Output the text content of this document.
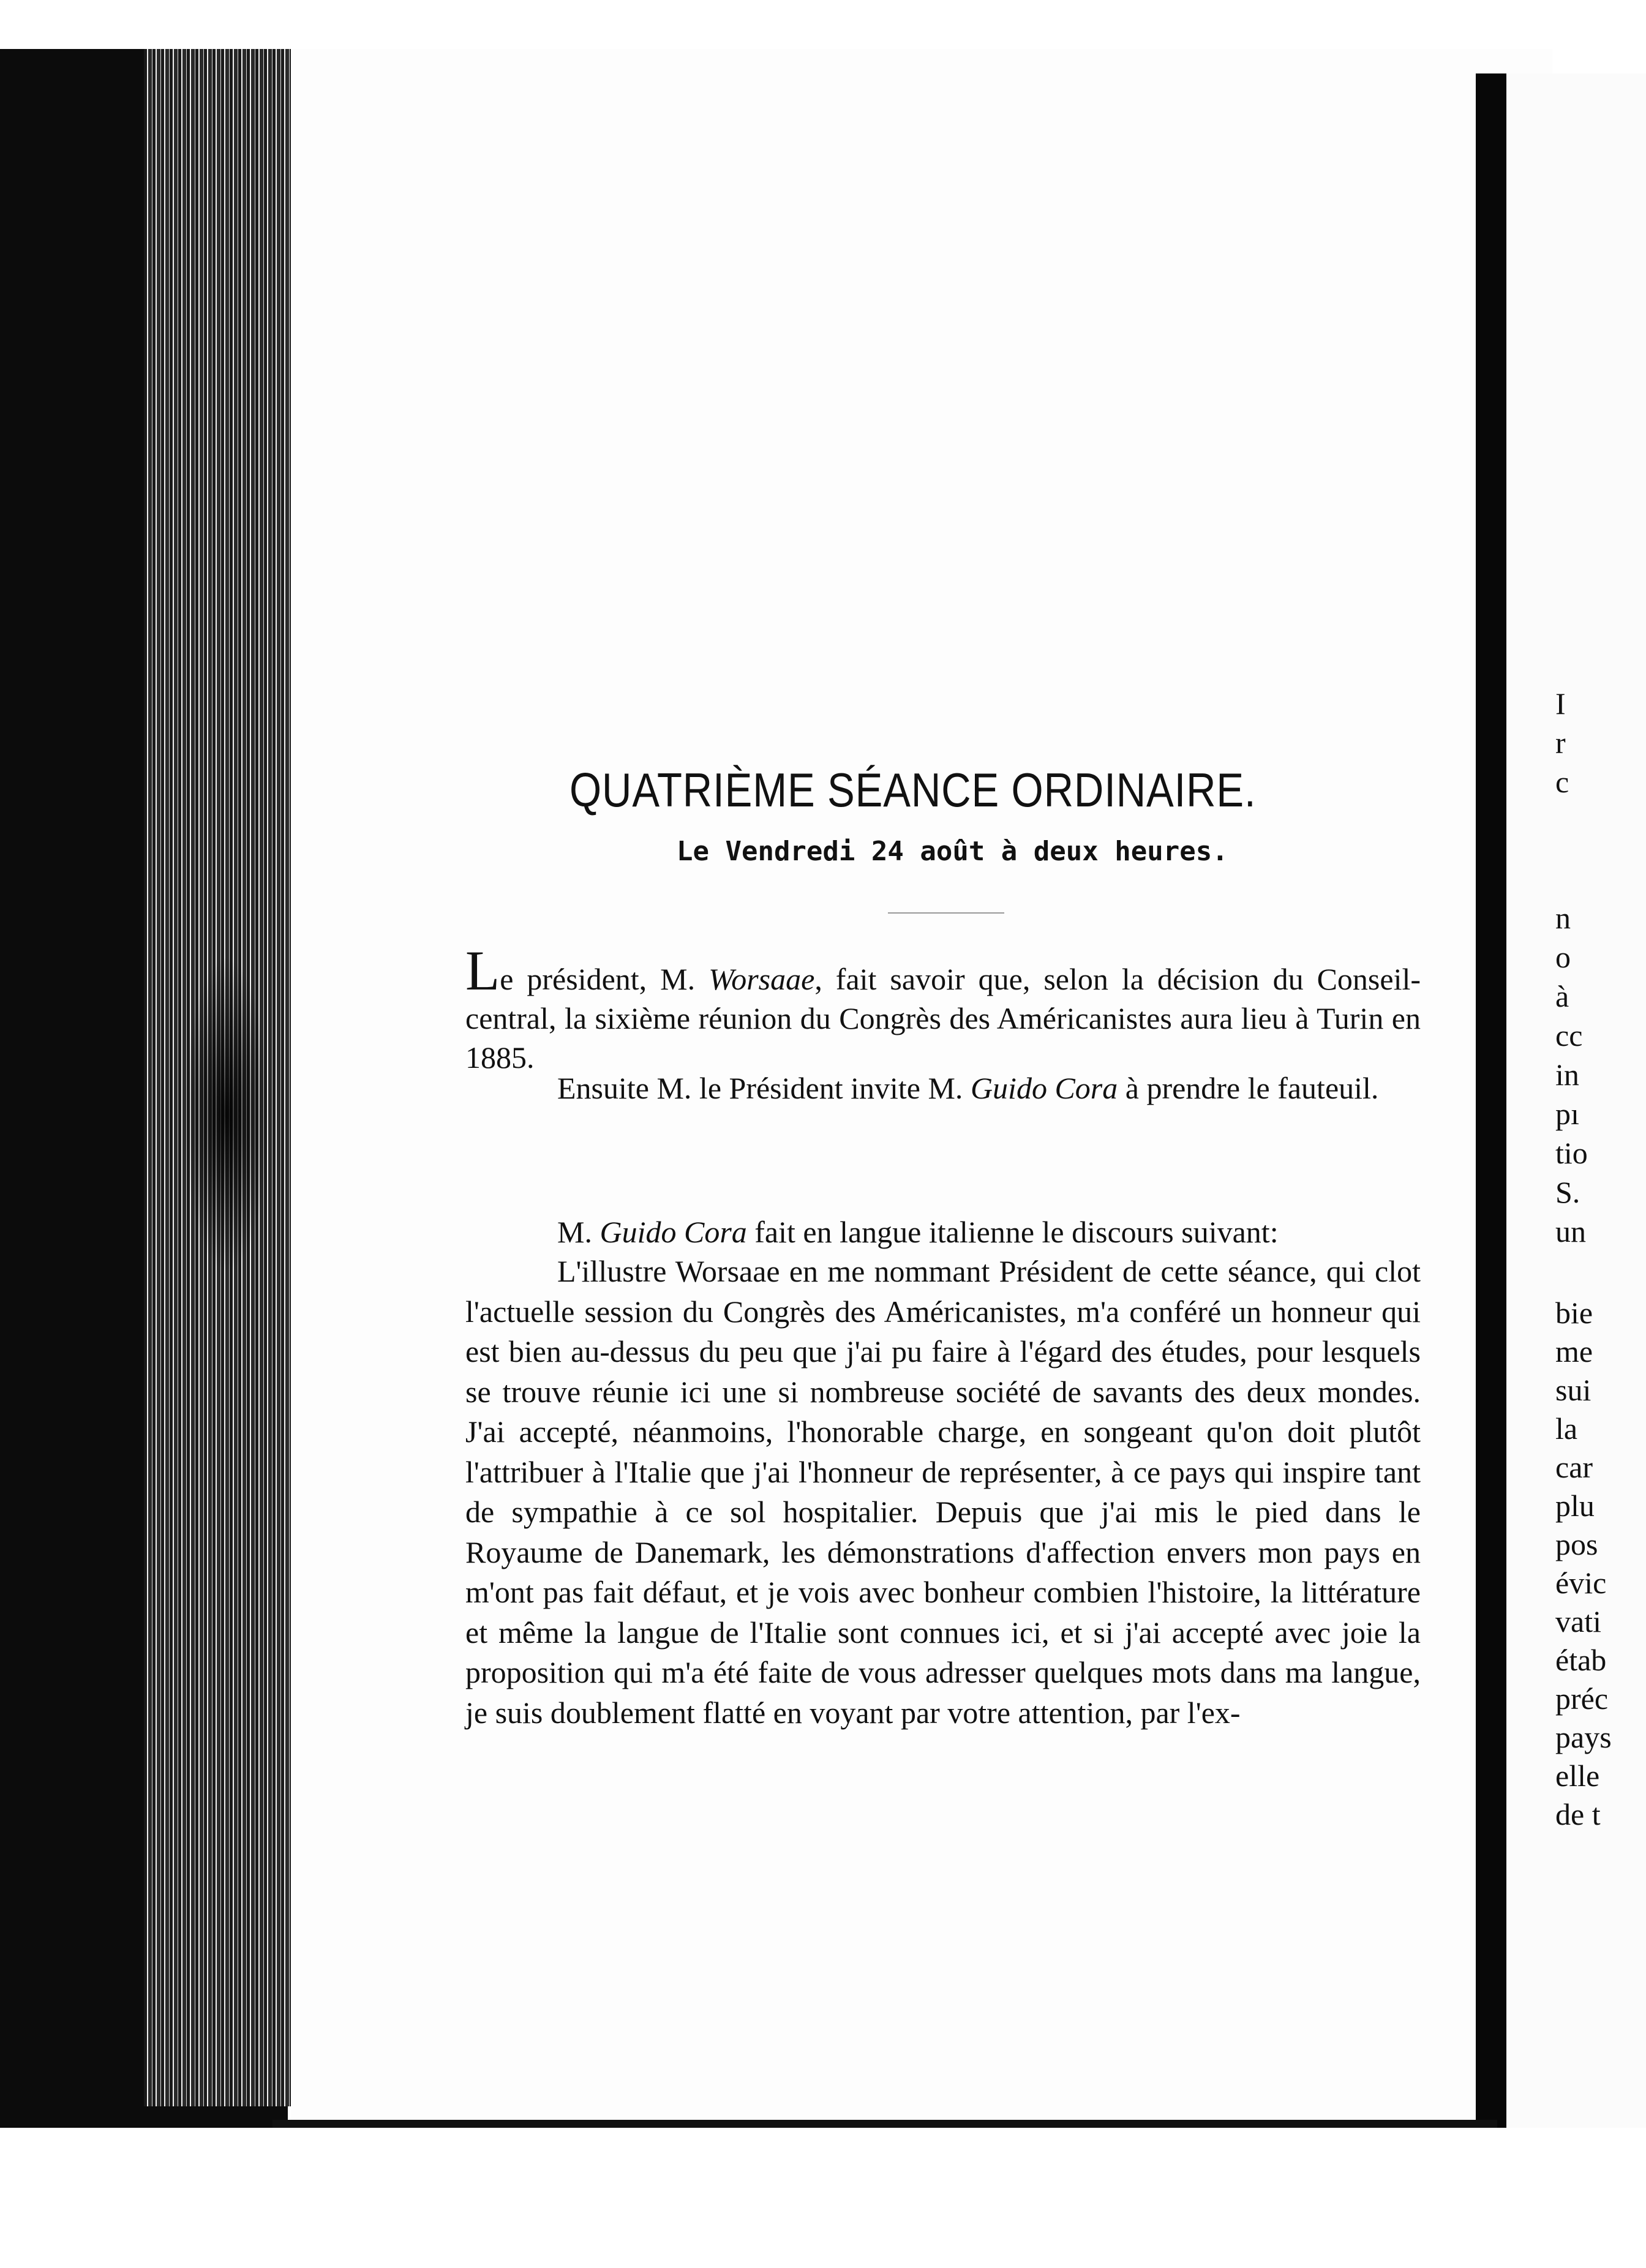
I
r
c
n
o
à
cc
in
pı
tio
S.
un
bie
me
sui
la
car
plu
pos
évic
vati
étab
préc
pays
elle
de t
QUATRIÈME SÉANCE ORDINAIRE.
Le Vendredi 24 août à deux heures.

Le président, M. Worsaae, fait savoir que, selon la décision du Conseil-central, la sixième réunion du Congrès des Américanistes aura lieu à Turin en 1885.

Ensuite M. le Président invite M. Guido Cora à prendre le fauteuil.

M. Guido Cora fait en langue italienne le discours suivant:

L'illustre Worsaae en me nommant Président de cette séance, qui clot l'actuelle session du Congrès des Américanistes, m'a conféré un honneur qui est bien au-dessus du peu que j'ai pu faire à l'égard des études, pour lesquels se trouve réunie ici une si nombreuse société de savants des deux mondes. J'ai accepté, néanmoins, l'honorable charge, en songeant qu'on doit plutôt l'attribuer à l'Italie que j'ai l'honneur de représenter, à ce pays qui inspire tant de sympathie à ce sol hospitalier. Depuis que j'ai mis le pied dans le Royaume de Danemark, les démonstrations d'affection envers mon pays en m'ont pas fait défaut, et je vois avec bonheur combien l'histoire, la littérature et même la langue de l'Italie sont connues ici, et si j'ai accepté avec joie la proposition qui m'a été faite de vous adresser quelques mots dans ma langue, je suis doublement flatté en voyant par votre attention, par l'ex-
